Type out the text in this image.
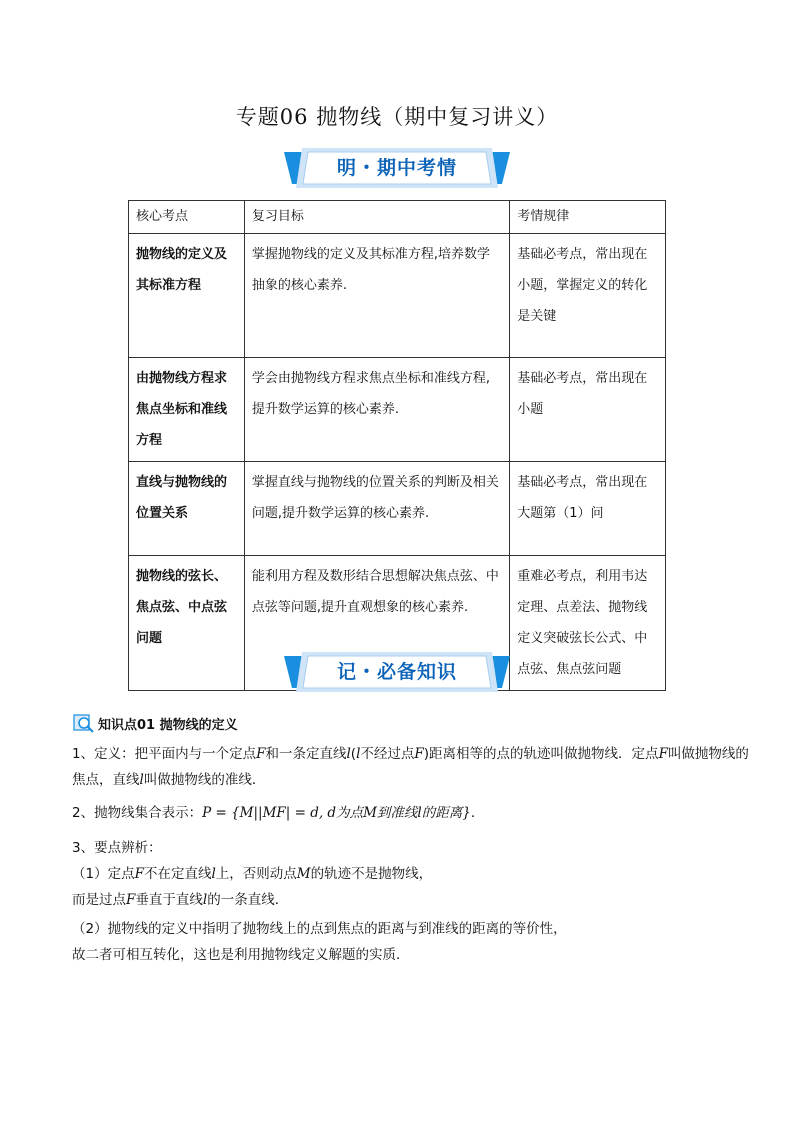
专题06 抛物线（期中复习讲义）
明・期中考情
核心考点	复习目标	考情规律
抛物线的定义及其标准方程	掌握抛物线的定义及其标准方程,培养数学抽象的核心素养.	基础必考点，常出现在小题，掌握定义的转化是关键
由抛物线方程求焦点坐标和准线方程	学会由抛物线方程求焦点坐标和准线方程,提升数学运算的核心素养.	基础必考点，常出现在小题
直线与抛物线的位置关系	掌握直线与抛物线的位置关系的判断及相关问题,提升数学运算的核心素养.	基础必考点，常出现在大题第（1）问
抛物线的弦长、焦点弦、中点弦问题	能利用方程及数形结合思想解决焦点弦、中点弦等问题,提升直观想象的核心素养.	重难必考点，利用韦达定理、点差法、抛物线定义突破弦长公式、中点弦、焦点弦问题
记・必备知识
知识点01 抛物线的定义
1、定义：把平面内与一个定点F和一条定直线l(l不经过点F)距离相等的点的轨迹叫做抛物线．定点F叫做抛物线的焦点，直线l叫做抛物线的准线．
2、抛物线集合表示：P = {M||MF| = d, d为点M到准线l的距离}．
3、要点辨析：
（1）定点F不在定直线l上，否则动点M的轨迹不是抛物线，
而是过点F垂直于直线l的一条直线．
（2）抛物线的定义中指明了抛物线上的点到焦点的距离与到准线的距离的等价性，
故二者可相互转化，这也是利用抛物线定义解题的实质．
